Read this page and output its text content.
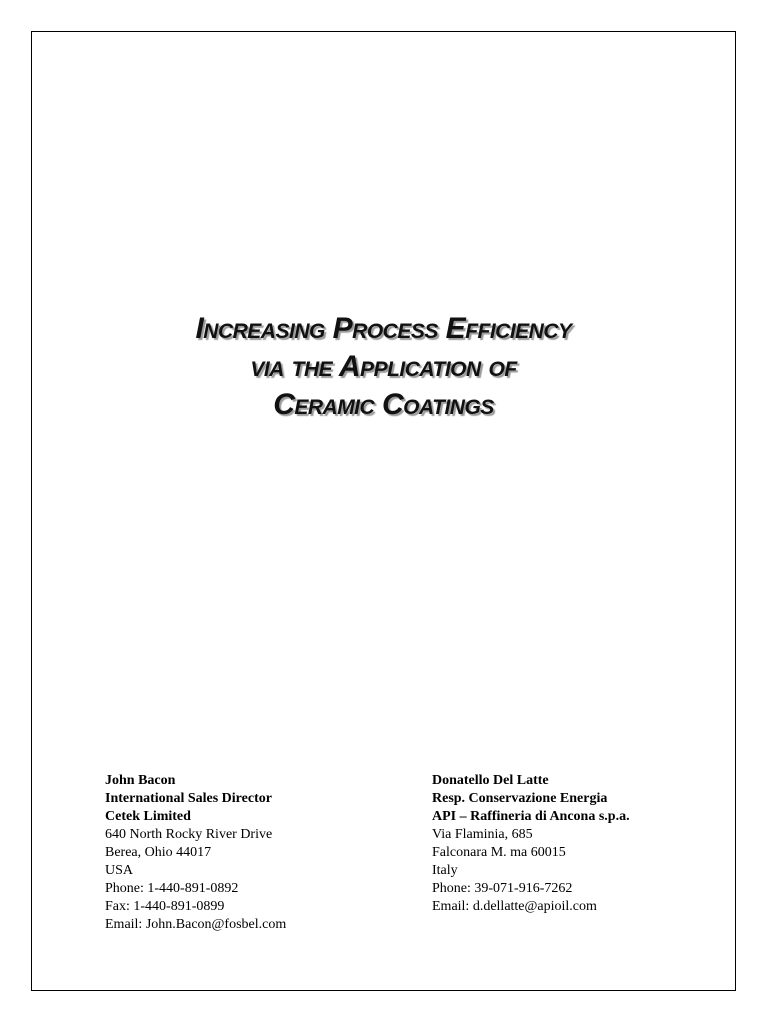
Increasing Process Efficiency
via the Application of
Ceramic Coatings
John Bacon
International Sales Director
Cetek Limited
640 North Rocky River Drive
Berea, Ohio 44017
USA
Phone: 1-440-891-0892
Fax: 1-440-891-0899
Email: John.Bacon@fosbel.com
Donatello Del Latte
Resp. Conservazione Energia
API – Raffineria di Ancona s.p.a.
Via Flaminia, 685
Falconara M. ma 60015
Italy
Phone: 39-071-916-7262
Email: d.dellatte@apioil.com
